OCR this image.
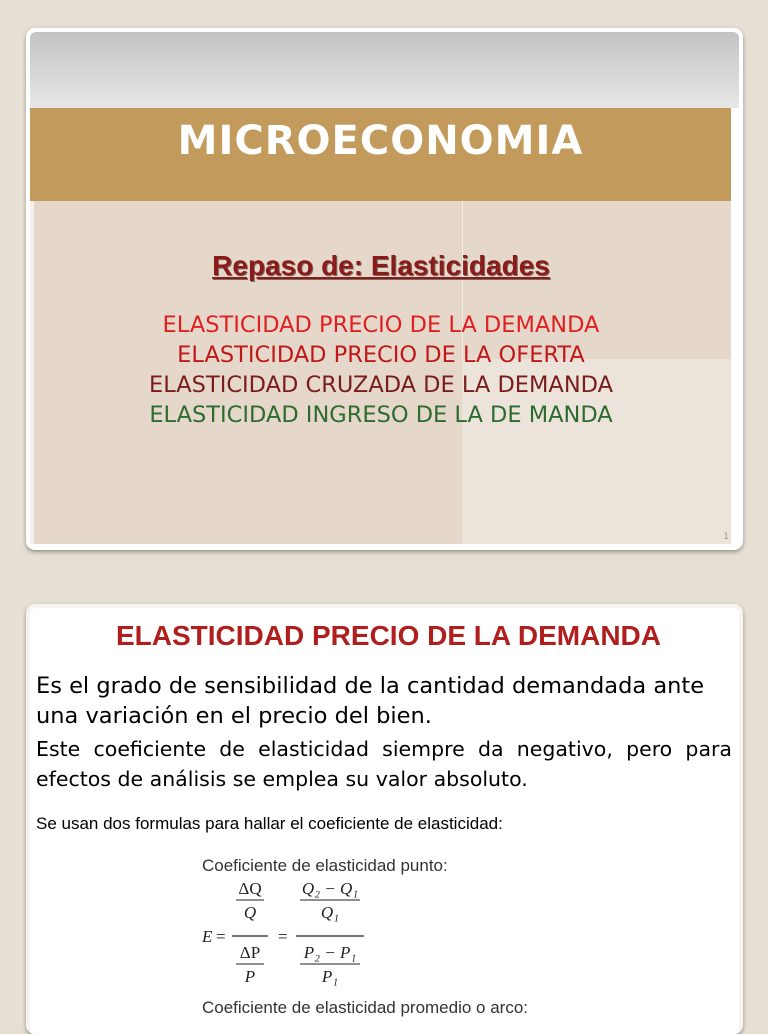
MICROECONOMIA
Repaso de: Elasticidades
ELASTICIDAD PRECIO DE LA DEMANDA
ELASTICIDAD PRECIO DE LA OFERTA
ELASTICIDAD CRUZADA DE LA DEMANDA
ELASTICIDAD INGRESO DE LA DE MANDA
1
ELASTICIDAD PRECIO DE LA DEMANDA
Es el grado de sensibilidad de la cantidad demandada ante una variación en el precio del bien.
Este coeficiente de elasticidad siempre da negativo, pero para efectos de análisis se emplea su valor absoluto.
Se usan dos formulas para hallar el coeficiente de elasticidad:
Coeficiente de elasticidad punto:
E =
ΔQ
Q
ΔP
P
=
Q₂ − Q₁
Q₁
P₂ − P₁
P₁
Coeficiente de elasticidad promedio o arco:
